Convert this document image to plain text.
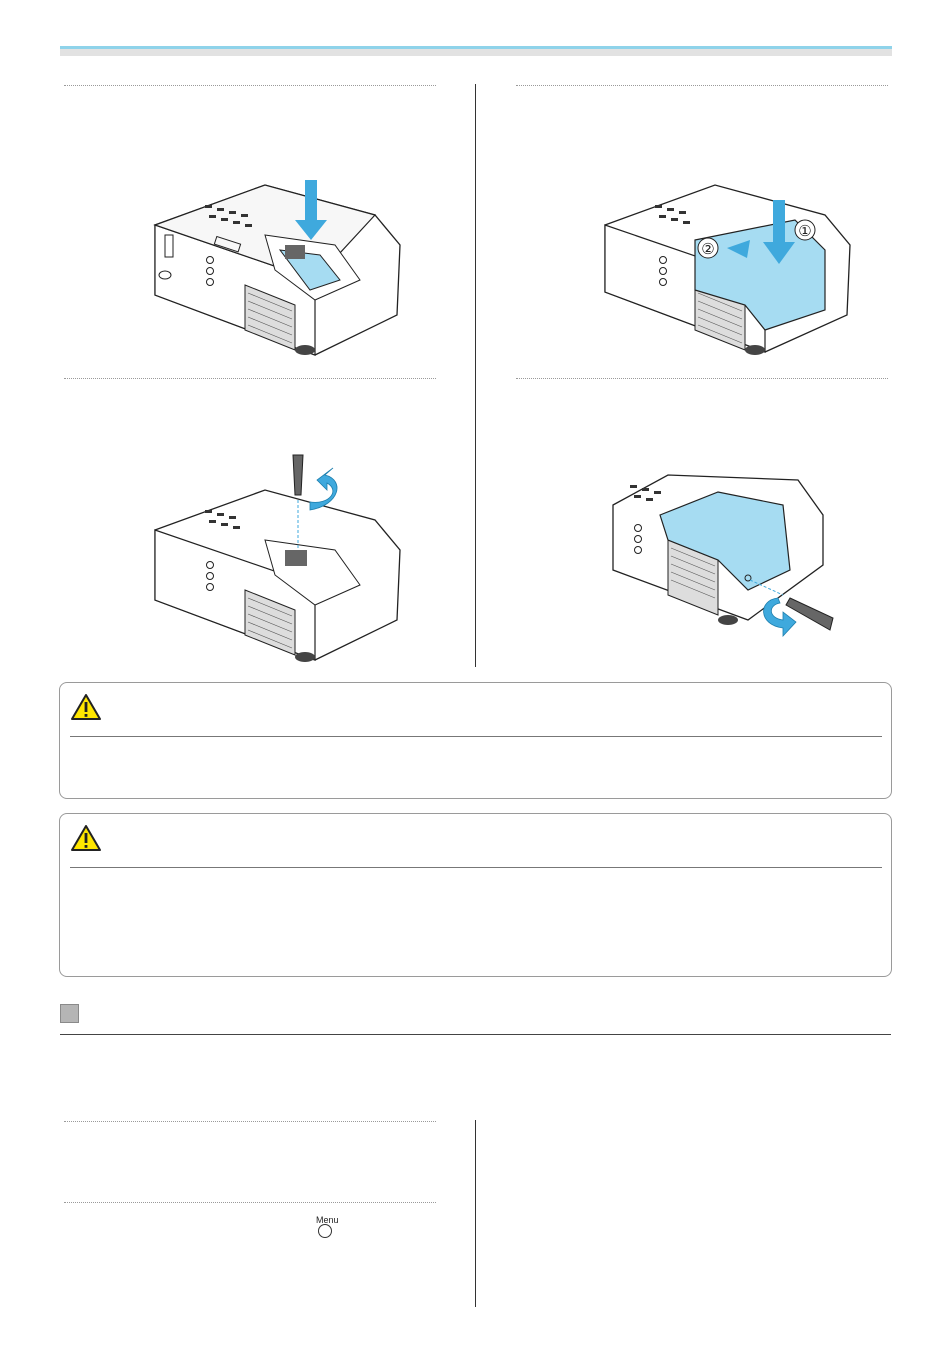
①
②
Menu
